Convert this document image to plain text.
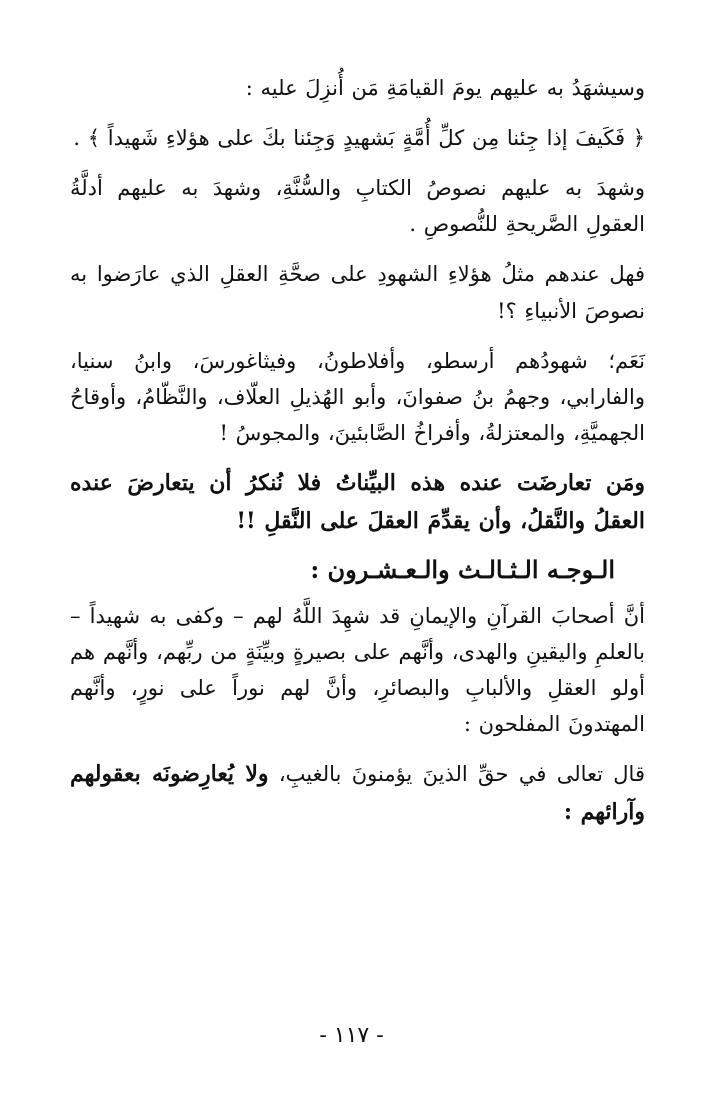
وسيشهَدُ به عليهم يومَ القيامَةِ مَن أُنزِلَ عليه :

﴿ فَكَيفَ إذا جِئنا مِن كلِّ أُمَّةٍ بَشهيدٍ وَجِئنا بكَ على هؤلاءِ شَهيداً ﴾ .

وشهدَ به عليهم نصوصُ الكتابِ والسُّنَّةِ، وشهدَ به عليهم أدلَّةُ العقولِ الصَّريحةِ للنُّصوصِ .

فهل عندهم مثلُ هؤلاءِ الشهودِ على صحَّةِ العقلِ الذي عارَضوا به نصوصَ الأنبياءِ ؟!

نَعَم؛ شهودُهم أرسطو، وأفلاطونُ، وفيثاغورسَ، وابنُ سنيا، والفارابي، وجهمُ بنُ صفوانَ، وأبو الهُذيلِ العلّاف، والنَّظّامُ، وأوقاحُ الجهميَّةِ، والمعتزلةُ، وأفراخُ الصَّابئينَ، والمجوسُ !

ومَن تعارضَت عنده هذه البيِّناتُ فلا نُنكرُ أن يتعارضَ عنده العقلُ والنَّقلُ، وأن يقدِّمَ العقلَ على النَّقلِ !!

الـوجـه الـثـالـث والـعـشـرون :

أنَّ أصحابَ القرآنِ والإيمانِ قد شهِدَ اللَّهُ لهم – وكفى به شهيداً – بالعلمِ واليقينِ والهدى، وأنَّهم على بصيرةٍ وبيِّنَةٍ من ربِّهم، وأنَّهم هم أولو العقلِ والألبابِ والبصائرِ، وأنَّ لهم نوراً على نورٍ، وأنَّهم المهتدونَ المفلحون :

قال تعالى في حقِّ الذينَ يؤمنونَ بالغيبِ، ولا يُعارِضونَه بعقولهم وآرائهم :

- ١١٧ -
